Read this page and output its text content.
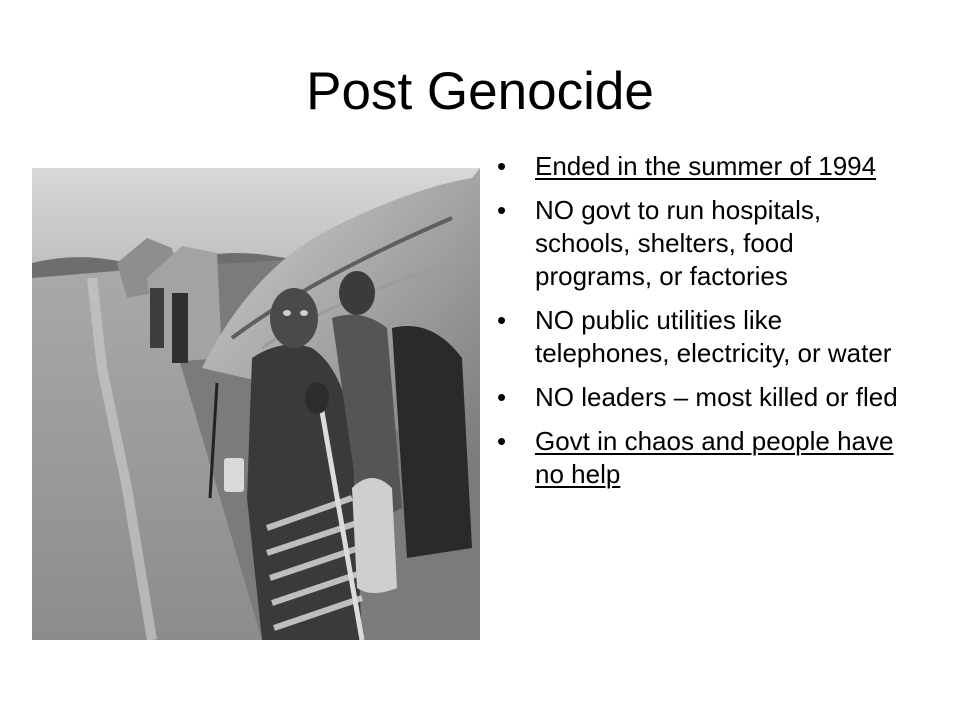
Post Genocide
•	Ended in the summer of 1994
•	NO govt to run hospitals, schools, shelters, food programs, or factories
•	NO public utilities like telephones, electricity, or water
•	NO leaders – most killed or fled
•	Govt in chaos and people have no help
